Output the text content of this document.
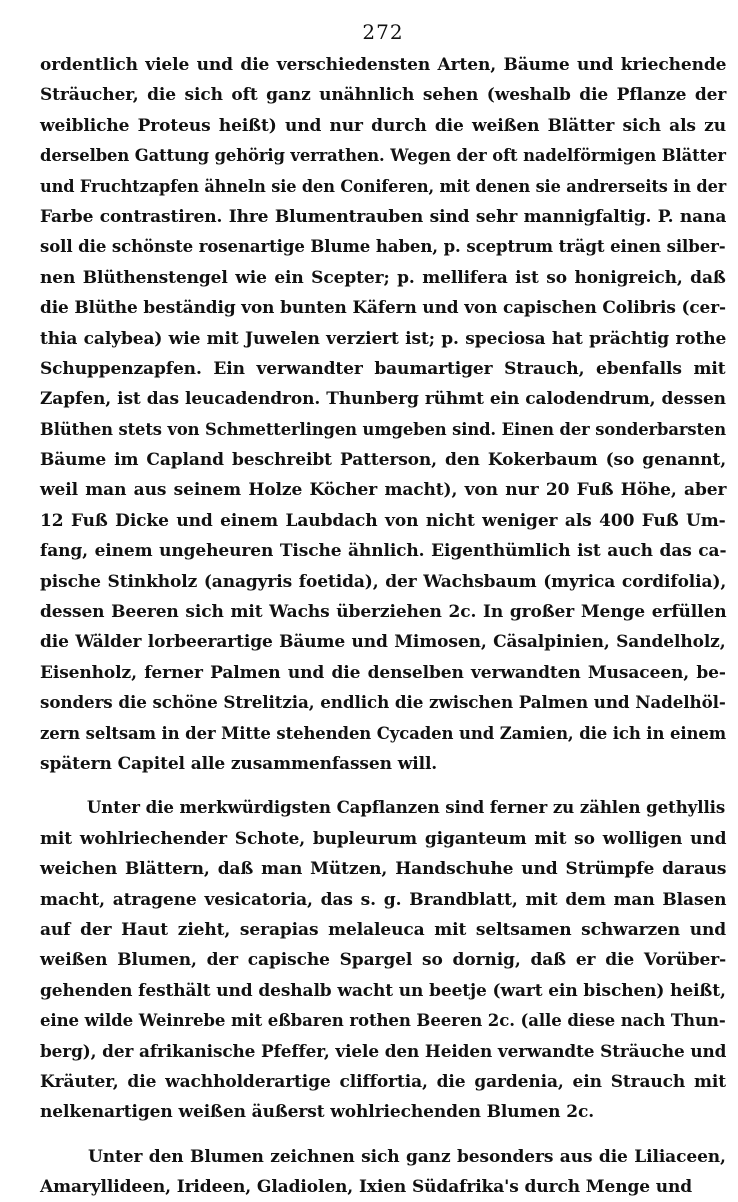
272
ordentlich viele und die verschiedensten Arten, Bäume und kriechende
Sträucher, die sich oft ganz unähnlich sehen (weshalb die Pflanze der
weibliche Proteus heißt) und nur durch die weißen Blätter sich als zu
derselben Gattung gehörig verrathen. Wegen der oft nadelförmigen Blätter
und Fruchtzapfen ähneln sie den Coniferen, mit denen sie andrerseits in der
Farbe contrastiren. Ihre Blumentrauben sind sehr mannigfaltig. P. nana
soll die schönste rosenartige Blume haben, p. sceptrum trägt einen silber-
nen Blüthenstengel wie ein Scepter; p. mellifera ist so honigreich, daß
die Blüthe beständig von bunten Käfern und von capischen Colibris (cer-
thia calybea) wie mit Juwelen verziert ist; p. speciosa hat prächtig rothe
Schuppenzapfen. Ein verwandter baumartiger Strauch, ebenfalls mit
Zapfen, ist das leucadendron. Thunberg rühmt ein calodendrum, dessen
Blüthen stets von Schmetterlingen umgeben sind. Einen der sonderbarsten
Bäume im Capland beschreibt Patterson, den Kokerbaum (so genannt,
weil man aus seinem Holze Köcher macht), von nur 20 Fuß Höhe, aber
12 Fuß Dicke und einem Laubdach von nicht weniger als 400 Fuß Um-
fang, einem ungeheuren Tische ähnlich. Eigenthümlich ist auch das ca-
pische Stinkholz (anagyris foetida), der Wachsbaum (myrica cordifolia),
dessen Beeren sich mit Wachs überziehen 2c. In großer Menge erfüllen
die Wälder lorbeerartige Bäume und Mimosen, Cäsalpinien, Sandelholz,
Eisenholz, ferner Palmen und die denselben verwandten Musaceen, be-
sonders die schöne Strelitzia, endlich die zwischen Palmen und Nadelhöl-
zern seltsam in der Mitte stehenden Cycaden und Zamien, die ich in einem
spätern Capitel alle zusammenfassen will.
Unter die merkwürdigsten Capflanzen sind ferner zu zählen gethyllis
mit wohlriechender Schote, bupleurum giganteum mit so wolligen und
weichen Blättern, daß man Mützen, Handschuhe und Strümpfe daraus
macht, atragene vesicatoria, das s. g. Brandblatt, mit dem man Blasen
auf der Haut zieht, serapias melaleuca mit seltsamen schwarzen und
weißen Blumen, der capische Spargel so dornig, daß er die Vorüber-
gehenden festhält und deshalb wacht un beetje (wart ein bischen) heißt,
eine wilde Weinrebe mit eßbaren rothen Beeren 2c. (alle diese nach Thun-
berg), der afrikanische Pfeffer, viele den Heiden verwandte Sträuche und
Kräuter, die wachholderartige cliffortia, die gardenia, ein Strauch mit
nelkenartigen weißen äußerst wohlriechenden Blumen 2c.
Unter den Blumen zeichnen sich ganz besonders aus die Liliaceen,
Amaryllideen, Irideen, Gladiolen, Ixien Südafrika's durch Menge und
